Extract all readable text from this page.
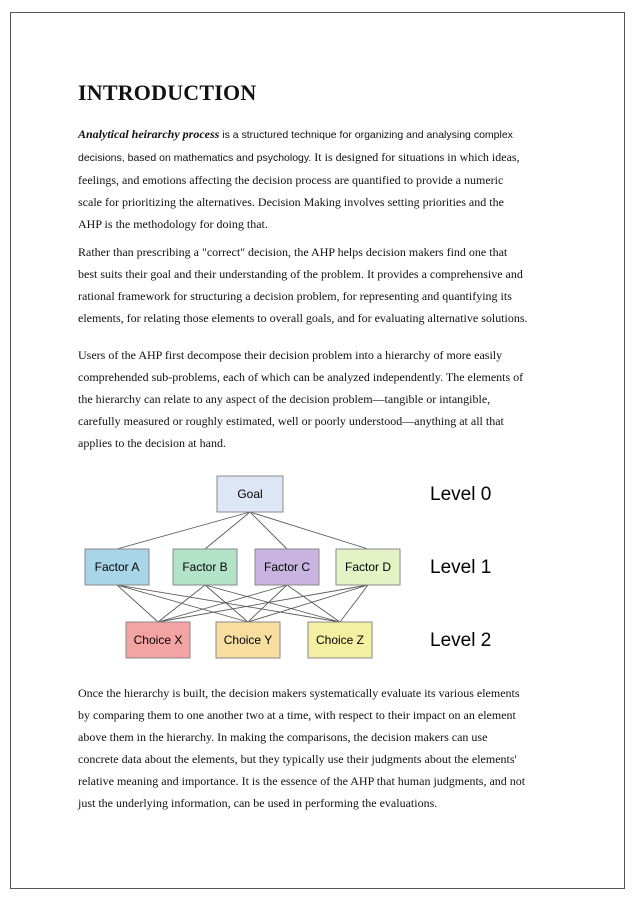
INTRODUCTION

Analytical heirarchy process is a structured technique for organizing and analysing complex
decisions, based on mathematics and psychology. It is designed for situations in which ideas,
feelings, and emotions affecting the decision process are quantified to provide a numeric
scale for prioritizing the alternatives. Decision Making involves setting priorities and the
AHP is the methodology for doing that.

Rather than prescribing a "correct" decision, the AHP helps decision makers find one that
best suits their goal and their understanding of the problem. It provides a comprehensive and
rational framework for structuring a decision problem, for representing and quantifying its
elements, for relating those elements to overall goals, and for evaluating alternative solutions.

Users of the AHP first decompose their decision problem into a hierarchy of more easily
comprehended sub-problems, each of which can be analyzed independently. The elements of
the hierarchy can relate to any aspect of the decision problem—tangible or intangible,
carefully measured or roughly estimated, well or poorly understood—anything at all that
applies to the decision at hand.

Goal
Factor A	Factor B	Factor C	Factor D
Choice X	Choice Y	Choice Z
Level 0
Level 1
Level 2

Once the hierarchy is built, the decision makers systematically evaluate its various elements
by comparing them to one another two at a time, with respect to their impact on an element
above them in the hierarchy. In making the comparisons, the decision makers can use
concrete data about the elements, but they typically use their judgments about the elements'
relative meaning and importance. It is the essence of the AHP that human judgments, and not
just the underlying information, can be used in performing the evaluations.
